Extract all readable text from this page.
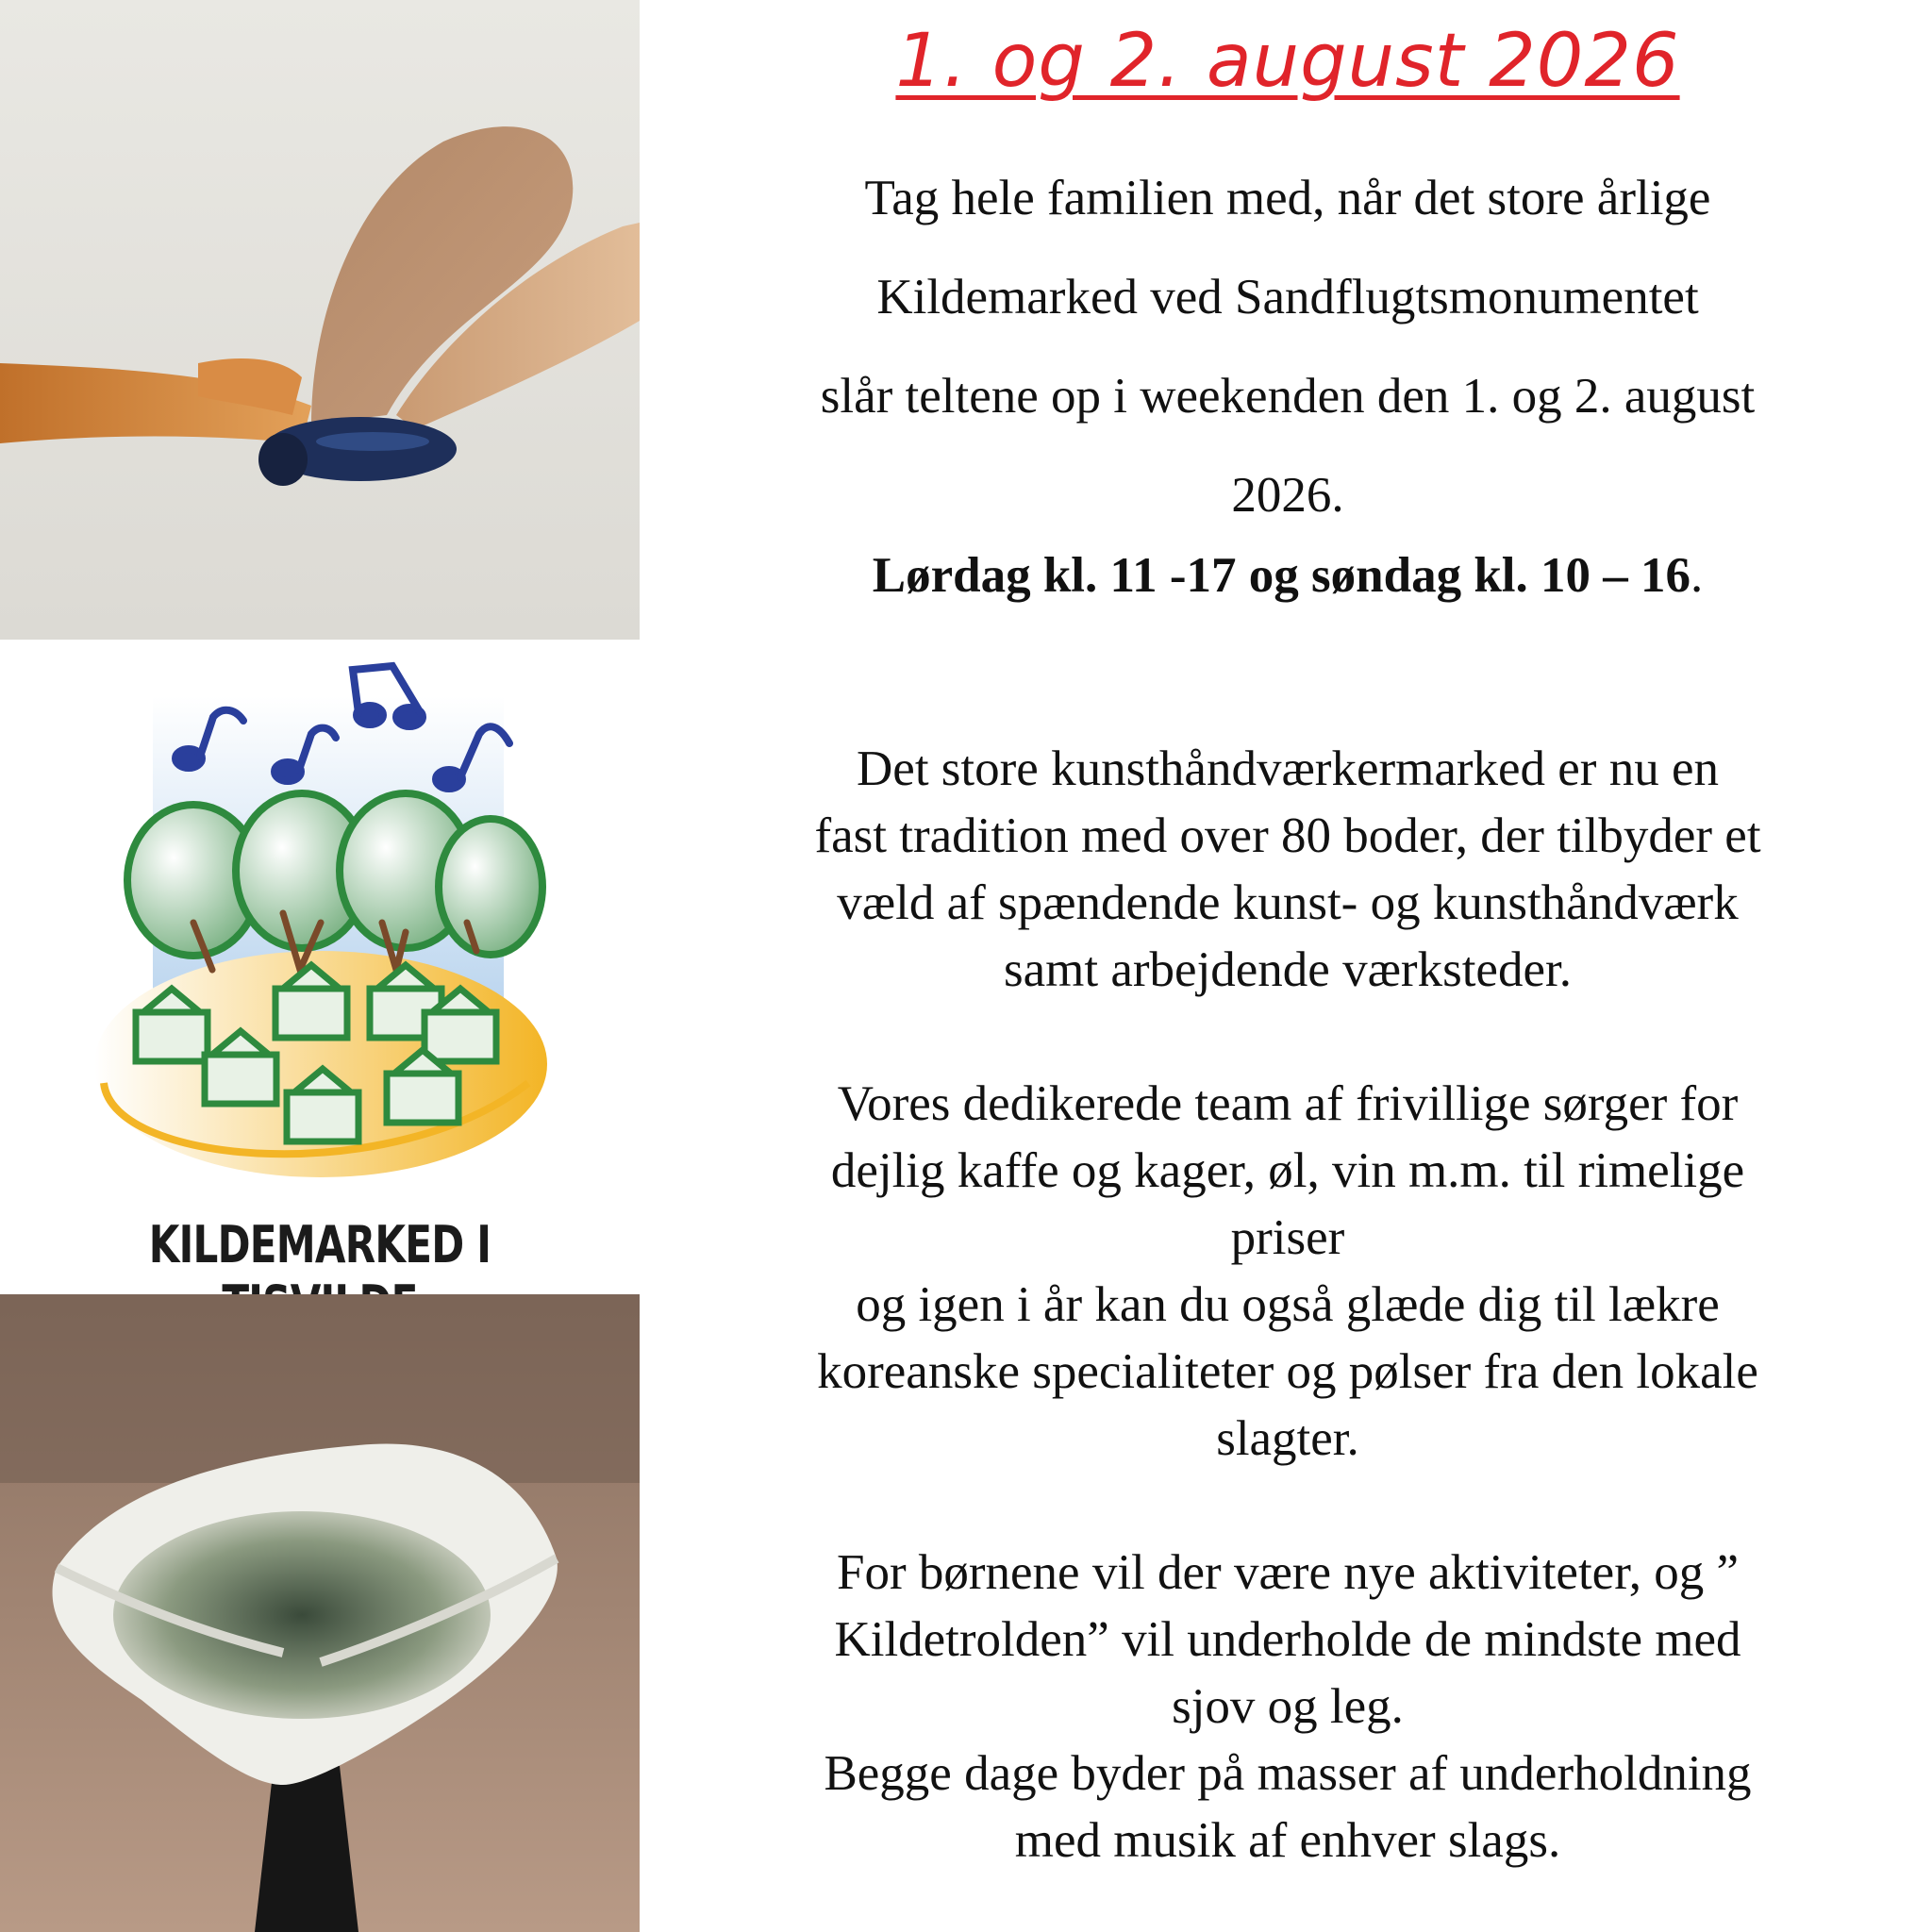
KILDEMARKED I
1. og 2. august 2026

Tag hele familien med, når det store årlige

Kildemarked ved Sandflugtsmonumentet

slår teltene op i weekenden den 1. og 2. august

2026.

Lørdag kl. 11 -17 og søndag kl. 10 – 16.

Det store kunsthåndværkermarked er nu en

fast tradition med over 80 boder, der tilbyder et

væld af spændende kunst- og kunsthåndværk

samt arbejdende værksteder.

Vores dedikerede team af frivillige sørger for

dejlig kaffe og kager, øl, vin m.m. til rimelige

priser

og igen i år kan du også glæde dig til lækre

koreanske specialiteter og pølser fra den lokale

slagter.

For børnene vil der være nye aktiviteter, og ”

Kildetrolden” vil underholde de mindste med

sjov og leg.

Begge dage byder på masser af underholdning

med musik af enhver slags.
